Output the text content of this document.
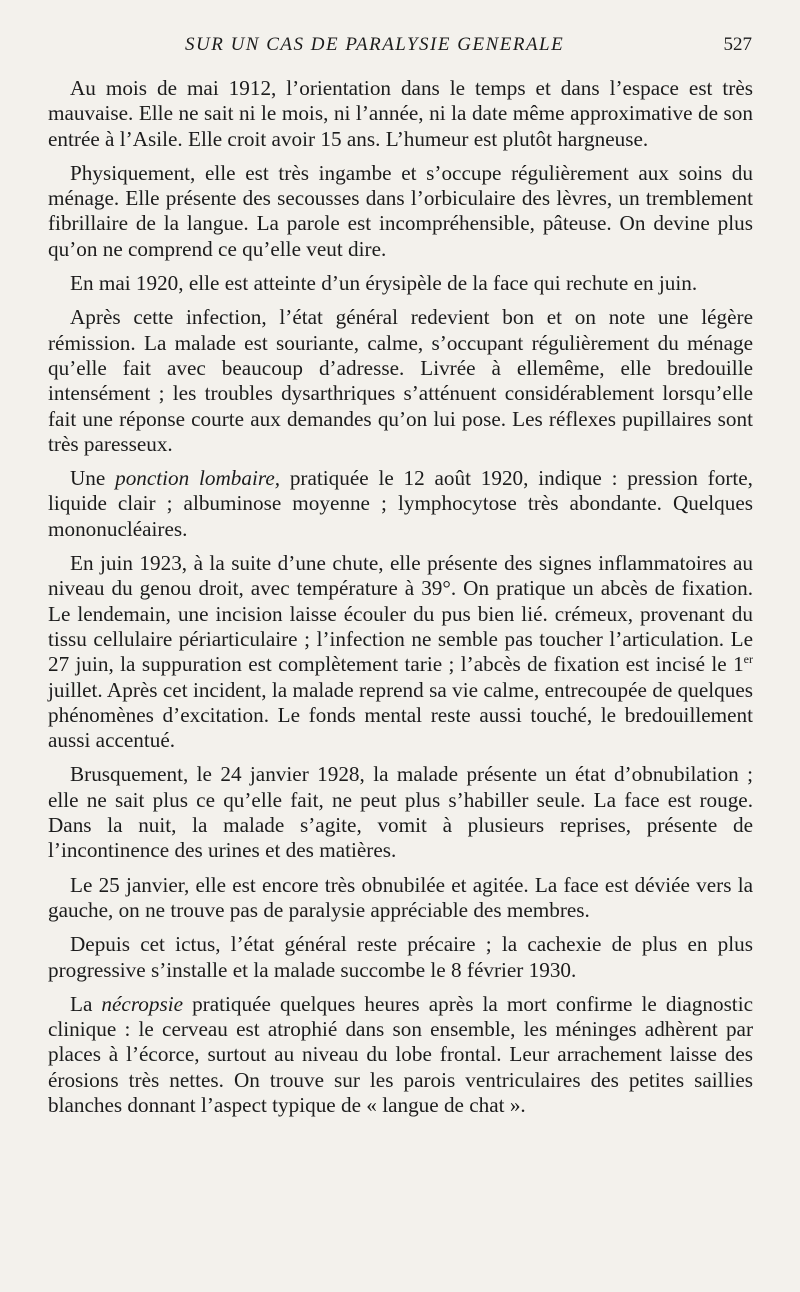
SUR UN CAS DE PARALYSIE GENERALE	527

Au mois de mai 1912, l’orientation dans le temps et dans l’espace est très mauvaise. Elle ne sait ni le mois, ni l’année, ni la date même approximative de son entrée à l’Asile. Elle croit avoir 15 ans. L’humeur est plutôt hargneuse.

Physiquement, elle est très ingambe et s’occupe régulièrement aux soins du ménage. Elle présente des secousses dans l’orbiculaire des lèvres, un tremblement fibrillaire de la langue. La parole est incompréhensible, pâteuse. On devine plus qu’on ne comprend ce qu’elle veut dire.

En mai 1920, elle est atteinte d’un érysipèle de la face qui rechute en juin.

Après cette infection, l’état général redevient bon et on note une légère rémission. La malade est souriante, calme, s’occupant régulièrement du ménage qu’elle fait avec beaucoup d’adresse. Livrée à ellemême, elle bredouille intensément ; les troubles dysarthriques s’atténuent considérablement lorsqu’elle fait une réponse courte aux demandes qu’on lui pose. Les réflexes pupillaires sont très paresseux.

Une ponction lombaire, pratiquée le 12 août 1920, indique : pression forte, liquide clair ; albuminose moyenne ; lymphocytose très abondante. Quelques mononucléaires.

En juin 1923, à la suite d’une chute, elle présente des signes inflammatoires au niveau du genou droit, avec température à 39°. On pratique un abcès de fixation. Le lendemain, une incision laisse écouler du pus bien lié. crémeux, provenant du tissu cellulaire périarticulaire ; l’infection ne semble pas toucher l’articulation. Le 27 juin, la suppuration est complètement tarie ; l’abcès de fixation est incisé le 1er juillet. Après cet incident, la malade reprend sa vie calme, entrecoupée de quelques phénomènes d’excitation. Le fonds mental reste aussi touché, le bredouillement aussi accentué.

Brusquement, le 24 janvier 1928, la malade présente un état d’obnubilation ; elle ne sait plus ce qu’elle fait, ne peut plus s’habiller seule. La face est rouge. Dans la nuit, la malade s’agite, vomit à plusieurs reprises, présente de l’incontinence des urines et des matières.

Le 25 janvier, elle est encore très obnubilée et agitée. La face est déviée vers la gauche, on ne trouve pas de paralysie appréciable des membres.

Depuis cet ictus, l’état général reste précaire ; la cachexie de plus en plus progressive s’installe et la malade succombe le 8 février 1930.

La nécropsie pratiquée quelques heures après la mort confirme le diagnostic clinique : le cerveau est atrophié dans son ensemble, les méninges adhèrent par places à l’écorce, surtout au niveau du lobe frontal. Leur arrachement laisse des érosions très nettes. On trouve sur les parois ventriculaires des petites saillies blanches donnant l’aspect typique de « langue de chat ».
